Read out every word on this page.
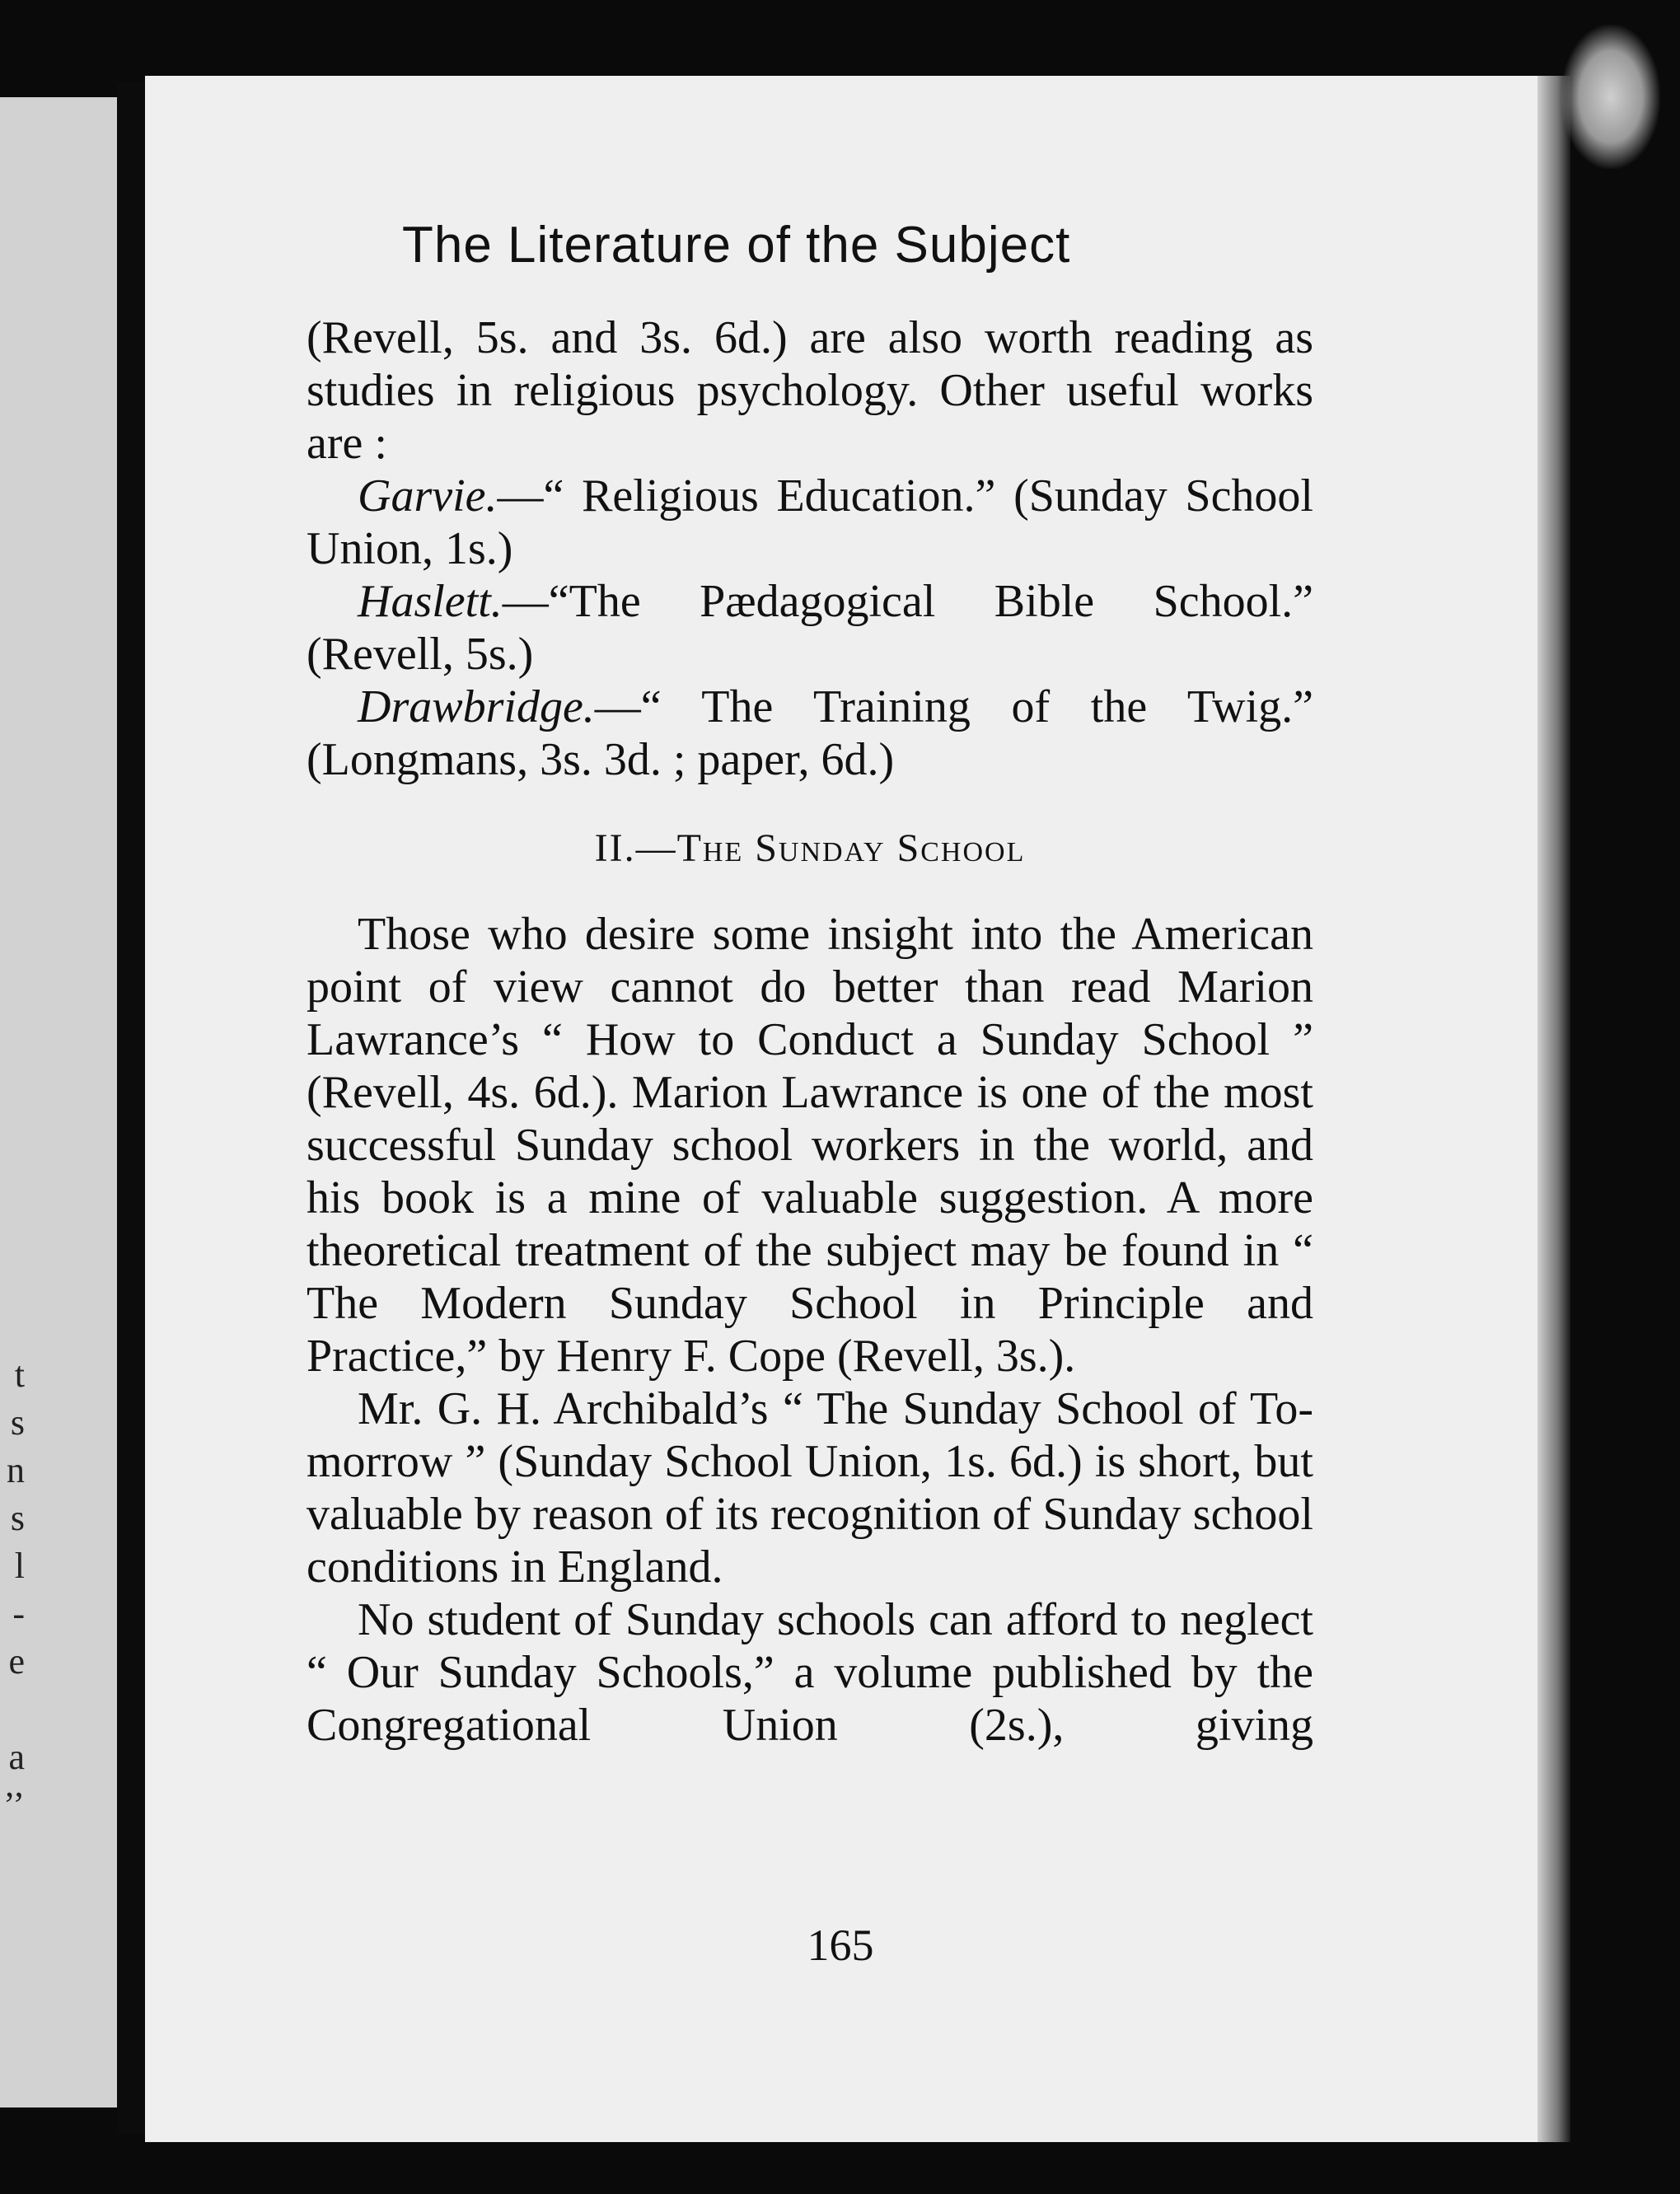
t
s
n
s
l
-
e

a
’’
The Literature of the Subject

(Revell, 5s. and 3s. 6d.) are also worth reading as studies in religious psychology. Other useful works are :

Garvie.—“ Religious Education.” (Sunday School Union, 1s.)

Haslett.—“The Pædagogical Bible School.” (Revell, 5s.)

Drawbridge.—“ The Training of the Twig.” (Longmans, 3s. 3d. ; paper, 6d.)

II.—The Sunday School

Those who desire some insight into the American point of view cannot do better than read Marion Lawrance’s “ How to Conduct a Sunday School ” (Revell, 4s. 6d.). Marion Lawrance is one of the most successful Sunday school workers in the world, and his book is a mine of valuable suggestion. A more theoretical treatment of the subject may be found in “ The Modern Sunday School in Principle and Practice,” by Henry F. Cope (Revell, 3s.).

Mr. G. H. Archibald’s “ The Sunday School of To-morrow ” (Sunday School Union, 1s. 6d.) is short, but valuable by reason of its recognition of Sunday school conditions in England.

No student of Sunday schools can afford to neglect “ Our Sunday Schools,” a volume published by the Congregational Union (2s.), giving

165
